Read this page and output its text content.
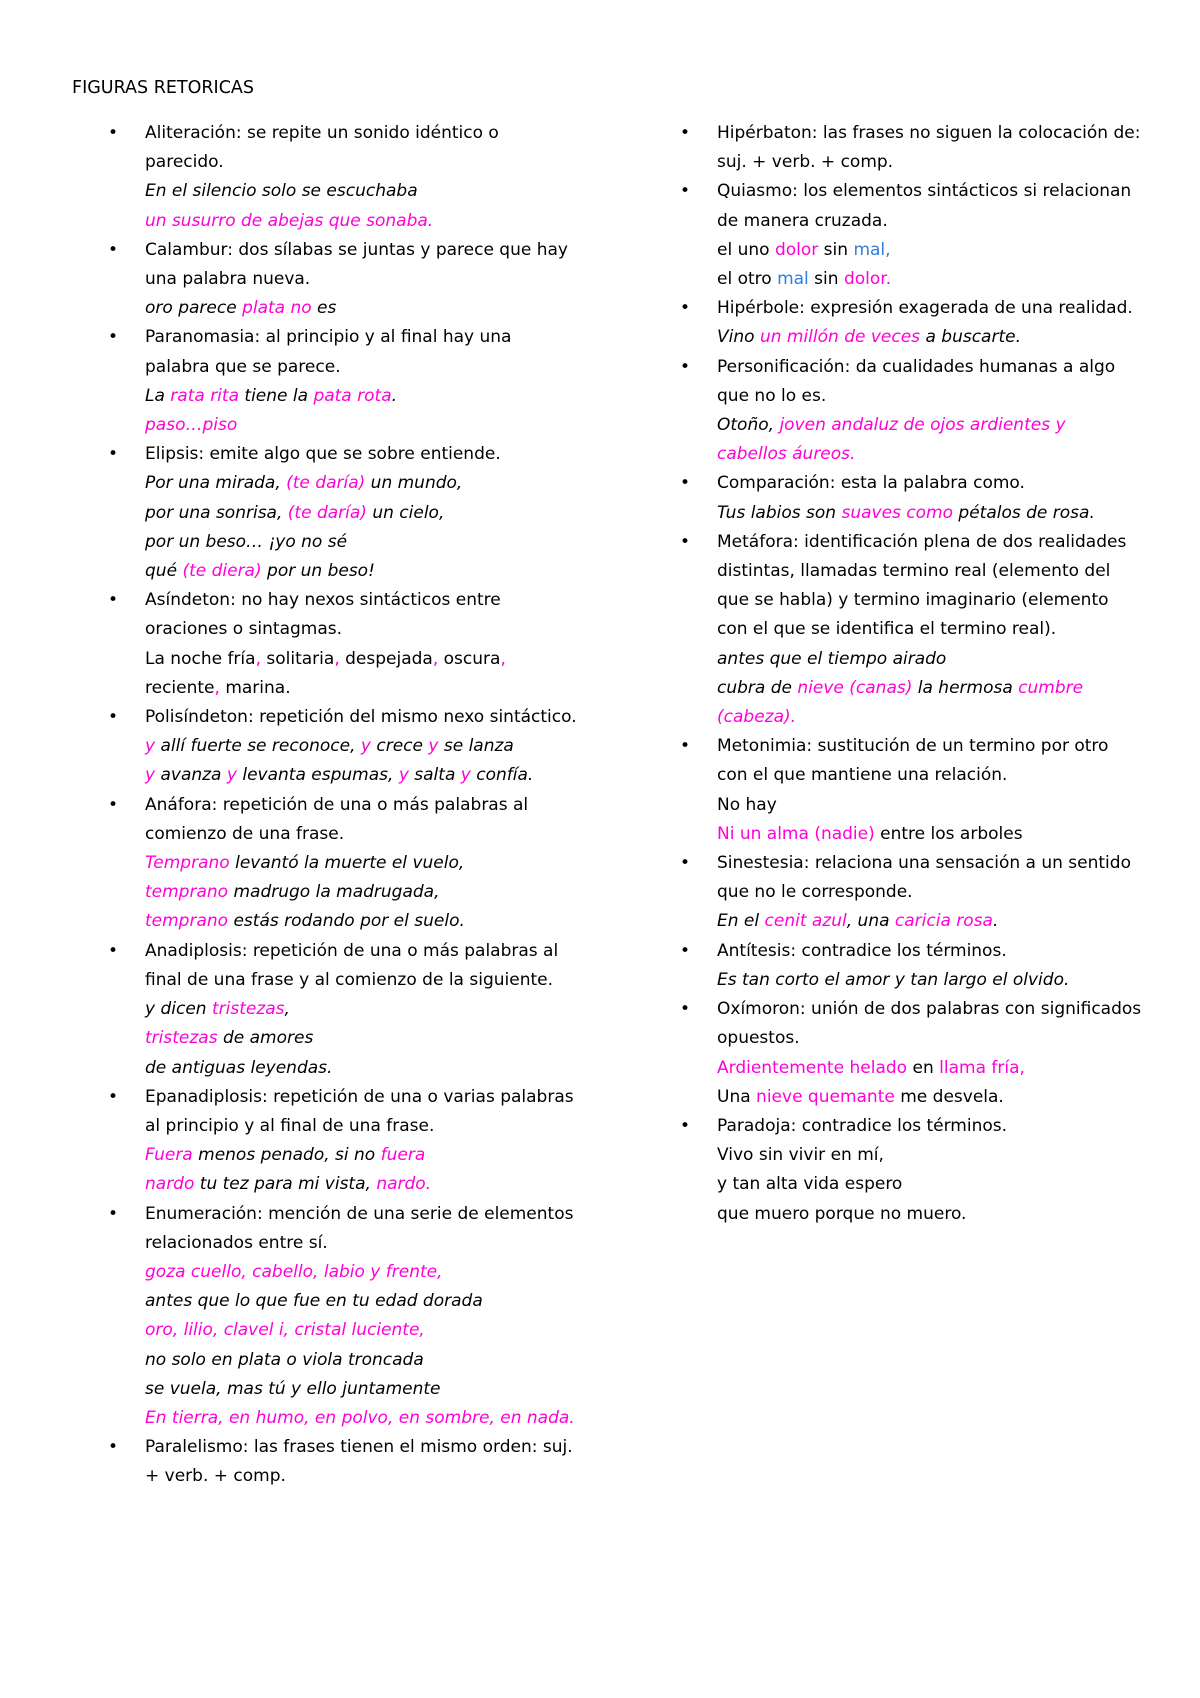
FIGURAS RETORICAS
• Aliteración: se repite un sonido idéntico o parecido.
En el silencio solo se escuchaba
un susurro de abejas que sonaba.
• Calambur: dos sílabas se juntas y parece que hay una palabra nueva.
oro parece plata no es
• Paranomasia: al principio y al final hay una palabra que se parece.
La rata rita tiene la pata rota.
paso…piso
• Elipsis: emite algo que se sobre entiende.
Por una mirada, (te daría) un mundo,
por una sonrisa, (te daría) un cielo,
por un beso… ¡yo no sé
qué (te diera) por un beso!
• Asíndeton: no hay nexos sintácticos entre oraciones o sintagmas.
La noche fría, solitaria, despejada, oscura,
reciente, marina.
• Polisíndeton: repetición del mismo nexo sintáctico.
y allí fuerte se reconoce, y crece y se lanza
y avanza y levanta espumas, y salta y confía.
• Anáfora: repetición de una o más palabras al comienzo de una frase.
Temprano levantó la muerte el vuelo,
temprano madrugo la madrugada,
temprano estás rodando por el suelo.
• Anadiplosis: repetición de una o más palabras al final de una frase y al comienzo de la siguiente.
y dicen tristezas,
tristezas de amores
de antiguas leyendas.
• Epanadiplosis: repetición de una o varias palabras al principio y al final de una frase.
Fuera menos penado, si no fuera
nardo tu tez para mi vista, nardo.
• Enumeración: mención de una serie de elementos relacionados entre sí.
goza cuello, cabello, labio y frente,
antes que lo que fue en tu edad dorada
oro, lilio, clavel i, cristal luciente,
no solo en plata o viola troncada
se vuela, mas tú y ello juntamente
En tierra, en humo, en polvo, en sombre, en nada.
• Paralelismo: las frases tienen el mismo orden: suj. + verb. + comp.
• Hipérbaton: las frases no siguen la colocación de: suj. + verb. + comp.
• Quiasmo: los elementos sintácticos si relacionan de manera cruzada.
el uno dolor sin mal,
el otro mal sin dolor.
• Hipérbole: expresión exagerada de una realidad.
Vino un millón de veces a buscarte.
• Personificación: da cualidades humanas a algo que no lo es.
Otoño, joven andaluz de ojos ardientes y
cabellos áureos.
• Comparación: esta la palabra como.
Tus labios son suaves como pétalos de rosa.
• Metáfora: identificación plena de dos realidades distintas, llamadas termino real (elemento del que se habla) y termino imaginario (elemento con el que se identifica el termino real).
antes que el tiempo airado
cubra de nieve (canas) la hermosa cumbre
(cabeza).
• Metonimia: sustitución de un termino por otro con el que mantiene una relación.
No hay
Ni un alma (nadie) entre los arboles
• Sinestesia: relaciona una sensación a un sentido que no le corresponde.
En el cenit azul, una caricia rosa.
• Antítesis: contradice los términos.
Es tan corto el amor y tan largo el olvido.
• Oxímoron: unión de dos palabras con significados opuestos.
Ardientemente helado en llama fría,
Una nieve quemante me desvela.
• Paradoja: contradice los términos.
Vivo sin vivir en mí,
y tan alta vida espero
que muero porque no muero.
